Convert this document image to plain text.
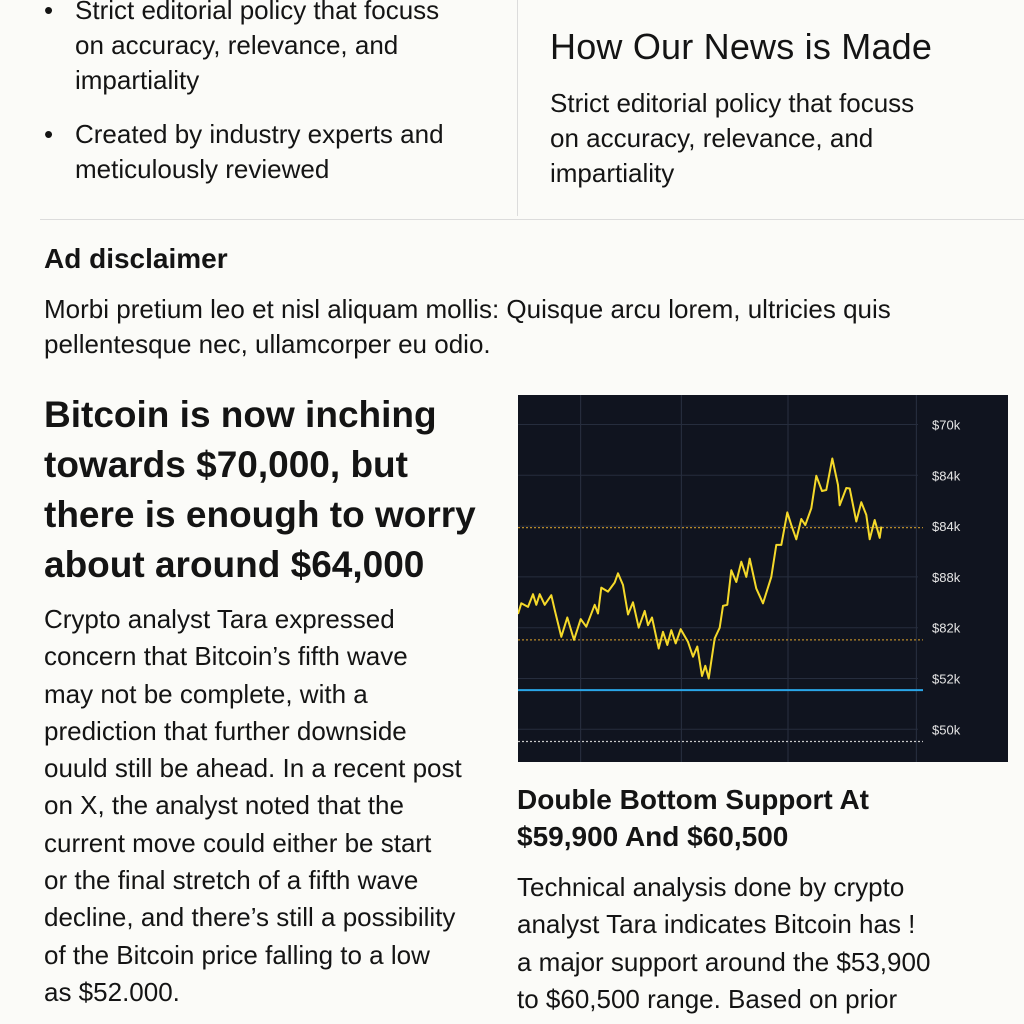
• Strict editorial policy that focuss
on accuracy, relevance, and
impartiality
• Created by industry experts and
meticulously reviewed
How Our News is Made
Strict editorial policy that focuss
on accuracy, relevance, and
impartiality
Ad disclaimer
Morbi pretium leo et nisl aliquam mollis: Quisque arcu lorem, ultricies quis
pellentesque nec, ullamcorper eu odio.
Bitcoin is now inching
towards $70,000, but
there is enough to worry
about around $64,000
Crypto analyst Tara expressed
concern that Bitcoin’s fifth wave
may not be complete, with a
prediction that further downside
ouuld still be ahead. In a recent post
on X, the analyst noted that the
current move could either be start
or the final stretch of a fifth wave
decline, and there’s still a possibility
of the Bitcoin price falling to a low
as $52.000.
$50k
$52k
$82k
$88k
$84k
$84k
$70k
Double Bottom Support At
$59,900 And $60,500
Technical analysis done by crypto
analyst Tara indicates Bitcoin has !
a major support around the $53,900
to $60,500 range. Based on prior
